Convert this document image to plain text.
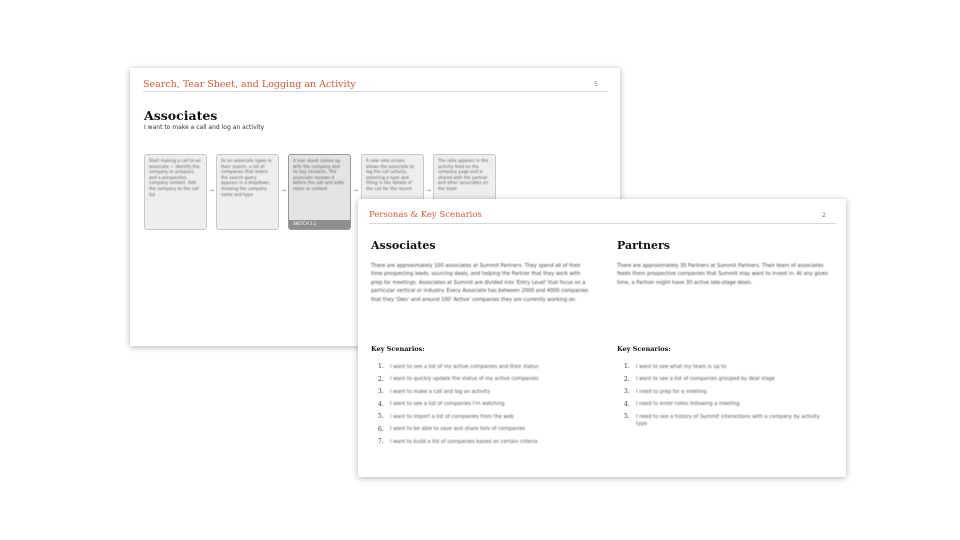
Search, Tear Sheet, and Logging an Activity	5
Associates
I want to make a call and log an activity
Start making a call to an associate — identify the company or prospect, and a prospective company contact. Add the company to the call list
→
As an associate types in their search, a list of companies that match the search query appears in a dropdown, showing the company name and type
→
A tear sheet comes up with the company and its key contacts. The associate reviews it before the call and adds notes or context
SKETCH 3.1
→
A new note screen allows the associate to log the call activity, selecting a type and filling in the details of the call for the record	→
The note appears in the activity feed on the company page and is shared with the partner and other associates on the team
Personas & Key Scenarios	2
Associates
There are approximately 100 associates at Summit Partners. They spend all of their time prospecting leads, sourcing deals, and helping the Partner that they work with prep for meetings. Associates at Summit are divided into 'Entry Level' that focus on a particular vertical or industry. Every Associate has between 2000 and 4000 companies that they 'Own' and around 100 'Active' companies they are currently working on.
Key Scenarios:
1. I want to see a list of my active companies and their status
2. I want to quickly update the status of my active companies
3. I want to make a call and log an activity
4. I want to see a list of companies I'm watching
5. I want to import a list of companies from the web
6. I want to be able to save and share lists of companies
7. I want to build a list of companies based on certain criteria
Partners
There are approximately 30 Partners at Summit Partners. Their team of associates feeds them prospective companies that Summit may want to invest in. At any given time, a Partner might have 30 active late-stage deals.
Key Scenarios:
1. I want to see what my team is up to
2. I want to see a list of companies grouped by deal stage
3. I need to prep for a meeting
4. I need to enter notes following a meeting
5. I need to see a history of Summit interactions with a company by activity type
